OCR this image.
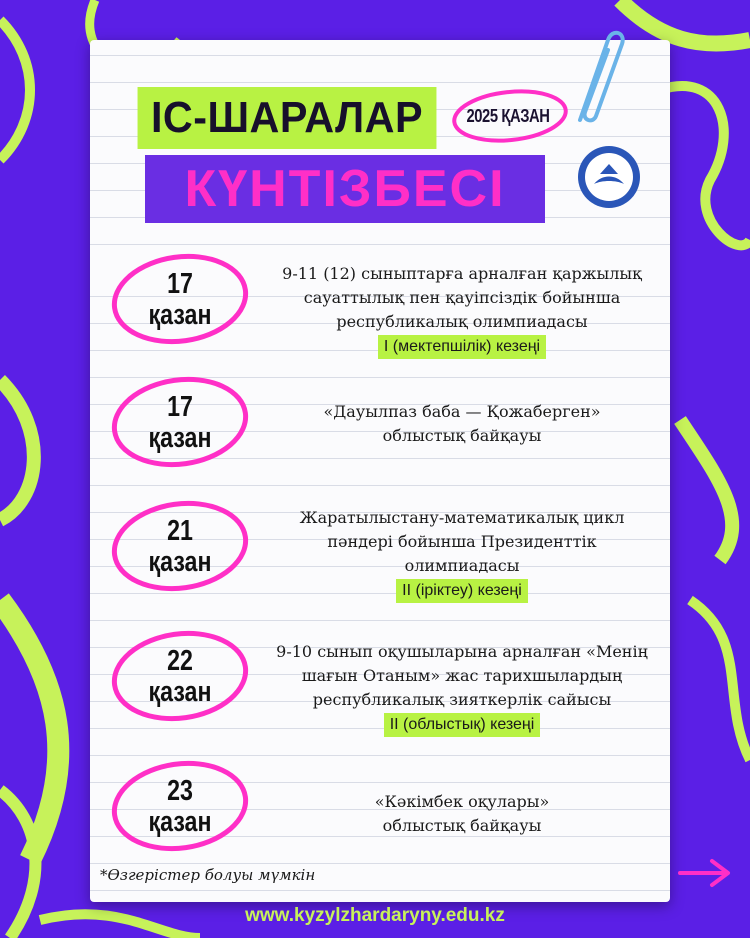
ІС-ШАРАЛАР
КҮНТІЗБЕСІ
2025 ҚАЗАН
17
қазан
9-11 (12) сыныптарға арналған қаржылық
сауаттылық пен қауіпсіздік бойынша
республикалық олимпиадасы
І (мектепшілік) кезеңі
17
қазан
«Дауылпаз баба — Қожаберген»
облыстық байқауы
21
қазан
Жаратылыстану-математикалық цикл
пәндері бойынша Президенттік
олимпиадасы
ІІ (іріктеу) кезеңі
22
қазан
9-10 сынып оқушыларына арналған «Менің
шағын Отаным» жас тарихшылардың
республикалық зияткерлік сайысы
ІІ (облыстық) кезеңі
23
қазан
«Кәкімбек оқулары»
облыстық байқауы
*Өзгерістер болуы мүмкін
www.kyzylzhardaryny.edu.kz
